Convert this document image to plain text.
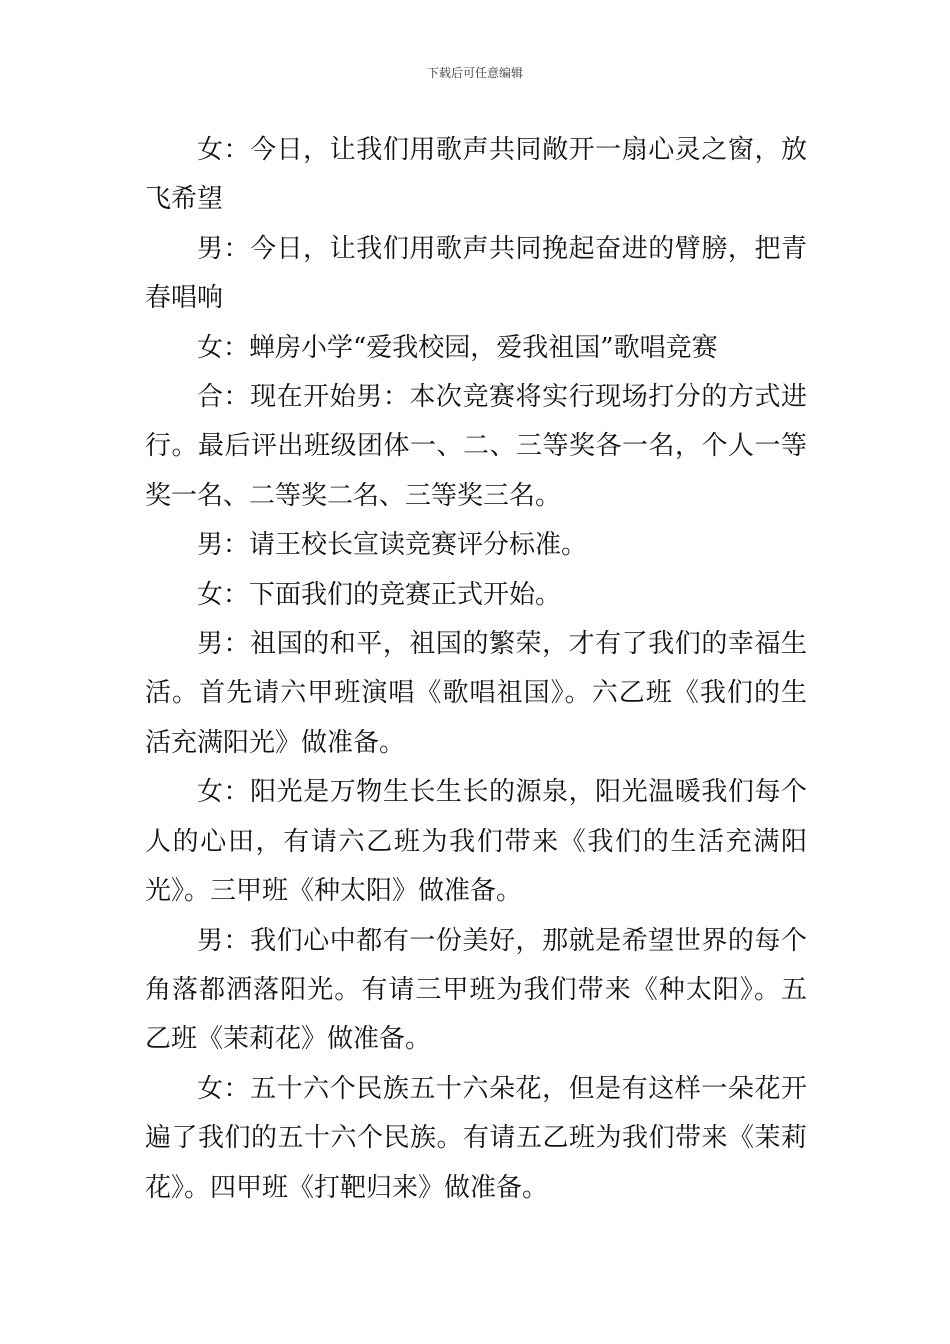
下载后可任意编辑

女：今日，让我们用歌声共同敞开一扇心灵之窗，放飞希望

男：今日，让我们用歌声共同挽起奋进的臂膀，把青春唱响

女：蝉房小学“爱我校园，爱我祖国”歌唱竞赛

合：现在开始男：本次竞赛将实行现场打分的方式进行。最后评出班级团体一、二、三等奖各一名，个人一等奖一名、二等奖二名、三等奖三名。

男：请王校长宣读竞赛评分标准。

女：下面我们的竞赛正式开始。

男：祖国的和平，祖国的繁荣，才有了我们的幸福生活。首先请六甲班演唱《歌唱祖国》。六乙班《我们的生活充满阳光》做准备。

女：阳光是万物生长生长的源泉，阳光温暖我们每个人的心田，有请六乙班为我们带来《我们的生活充满阳光》。三甲班《种太阳》做准备。

男：我们心中都有一份美好，那就是希望世界的每个角落都洒落阳光。有请三甲班为我们带来《种太阳》。五乙班《茉莉花》做准备。

女：五十六个民族五十六朵花，但是有这样一朵花开遍了我们的五十六个民族。有请五乙班为我们带来《茉莉花》。四甲班《打靶归来》做准备。
